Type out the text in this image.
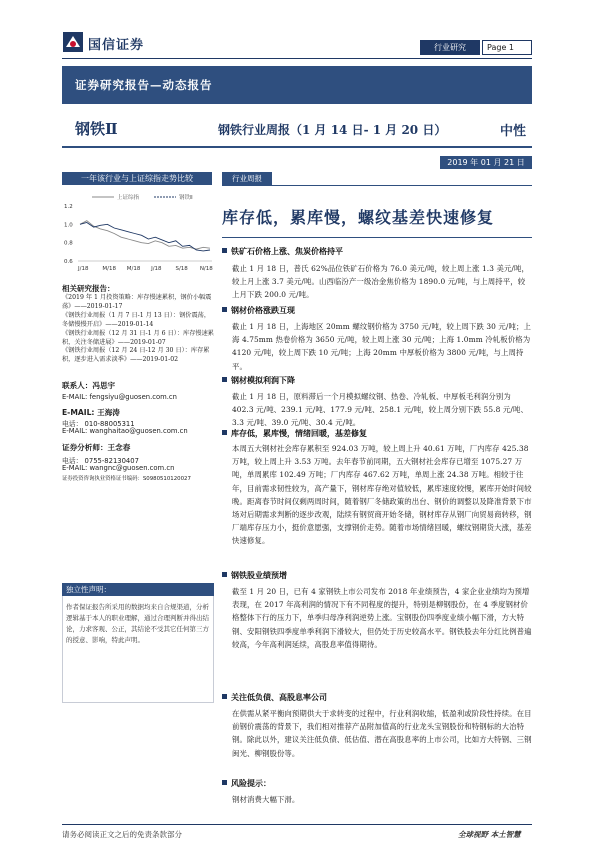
国信证券	行业研究	Page 1
证券研究报告—动态报告
钢铁Ⅱ	钢铁行业周报（1 月 14 日- 1 月 20 日）	中性
2019 年 01 月 21 日
一年该行业与上证综指走势比较
上证综指	钢铁Ⅱ
1.2
1.0
0.8
0.6
J/18	M/18 M/18 J/18	S/18 N/18
相关研究报告：
《2019 年 1 月投资策略：库存慢速累积，钢价小幅震荡》——2019-01-17
《钢铁行业周报（1 月 7 日-1 月 13 日）：钢价震荡，冬储慢慢开启》——2019-01-14
《钢铁行业周报（12 月 31 日-1 月 6 日）：库存慢速累积，关注冬储进展》——2019-01-07
《钢铁行业周报（12 月 24 日-12 月 30 日）：库存累积，逐步进入需求淡季》——2019-01-02
联系人：冯思宇
E-MAIL: fengsiyu@guosen.com.cn
E-MAIL: 王海涛
电话： 010-88005311
E-MAIL: wanghaitao@guosen.com.cn
证券分析师：王念春
电话： 0755-82130407
E-MAIL: wangnc@guosen.com.cn
证券投资咨询执业资格证书编码：S0980510120027
独立性声明：
作者保证报告所采用的数据均来自合规渠道，分析逻辑基于本人的职业理解，通过合理判断并得出结论，力求客观、公正，其结论不受其它任何第三方的授意、影响，特此声明。
行业周报
库存低，累库慢，螺纹基差快速修复
铁矿石价格上涨、焦炭价格持平
截止 1 月 18 日，普氏 62%品位铁矿石价格为 76.0 美元/吨，较上周上涨 1.3 美元/吨，较上月上涨 3.7 美元/吨。山西临汾产一级冶金焦价格为 1890.0 元/吨，与上周持平，较上月下跌 200.0 元/吨。
钢材价格涨跌互现
截止 1 月 18 日，上海地区 20mm 螺纹钢价格为 3750 元/吨，较上周下跌 30 元/吨；上海 4.75mm 热卷价格为 3650 元/吨，较上周上涨 30 元/吨；上海 1.0mm 冷轧板价格为 4120 元/吨，较上周下跌 10 元/吨；上海 20mm 中厚板价格为 3800 元/吨，与上周持平。
钢材模拟利润下降
截止 1 月 18 日，原料滞后一个月模拟螺纹钢、热卷、冷轧板、中厚板毛利润分别为 402.3 元/吨、239.1 元/吨、177.9 元/吨、258.1 元/吨，较上周分别下跌 55.8 元/吨、3.3 元/吨、39.0 元/吨、30.4 元/吨。
库存低，累库慢，情绪回暖，基差修复
本周五大钢材社会库存累积至 924.03 万吨，较上周上升 40.61 万吨，厂内库存 425.38 万吨，较上周上升 3.53 万吨。去年春节前同期，五大钢材社会库存已增至 1075.27 万吨，单周累库 102.49 万吨；厂内库存 467.62 万吨，单周上涨 24.38 万吨。相较于往年，目前需求韧性较为，高产量下，钢材库存绝对值较低，累库速度较慢，累库开始时间较晚。距离春节时间仅剩两周时间，随着钢厂冬储政策的出台、钢价的调整以及降准背景下市场对后期需求判断的逐步改观，陆续有钢贸商开始冬储，钢材库存从钢厂向贸易商转移，钢厂端库存压力小，挺价意愿强，支撑钢价走势。随着市场情绪回暖，螺纹钢期货大涨，基差快速修复。
钢铁股业绩预增
截至 1 月 20 日，已有 4 家钢铁上市公司发布 2018 年业绩预告，4 家企业业绩均为预增表现，在 2017 年高利润的情况下有不同程度的提升，特别是柳钢股份，在 4 季度钢材价格整体下行的压力下，单季归母净利润逆势上涨。宝钢股份四季度业绩小幅下滑，方大特钢、安阳钢铁四季度单季利润下滑较大，但仍处于历史较高水平。钢铁股去年分红比例普遍较高，今年高利润延续，高股息率值得期待。
关注低负债、高股息率公司
在供需从紧平衡向预期供大于求转变的过程中，行业利润收缩，低盈利或阶段性持续。在目前钢价震荡的背景下，我们相对推荐产品附加值高的行业龙头宝钢股份和特钢标的大冶特钢。除此以外，建议关注低负债、低估值、潜在高股息率的上市公司，比如方大特钢、三钢闽光、柳钢股份等。
风险提示：
钢材消费大幅下滑。
请务必阅读正文之后的免责条款部分	全球视野 本土智慧
